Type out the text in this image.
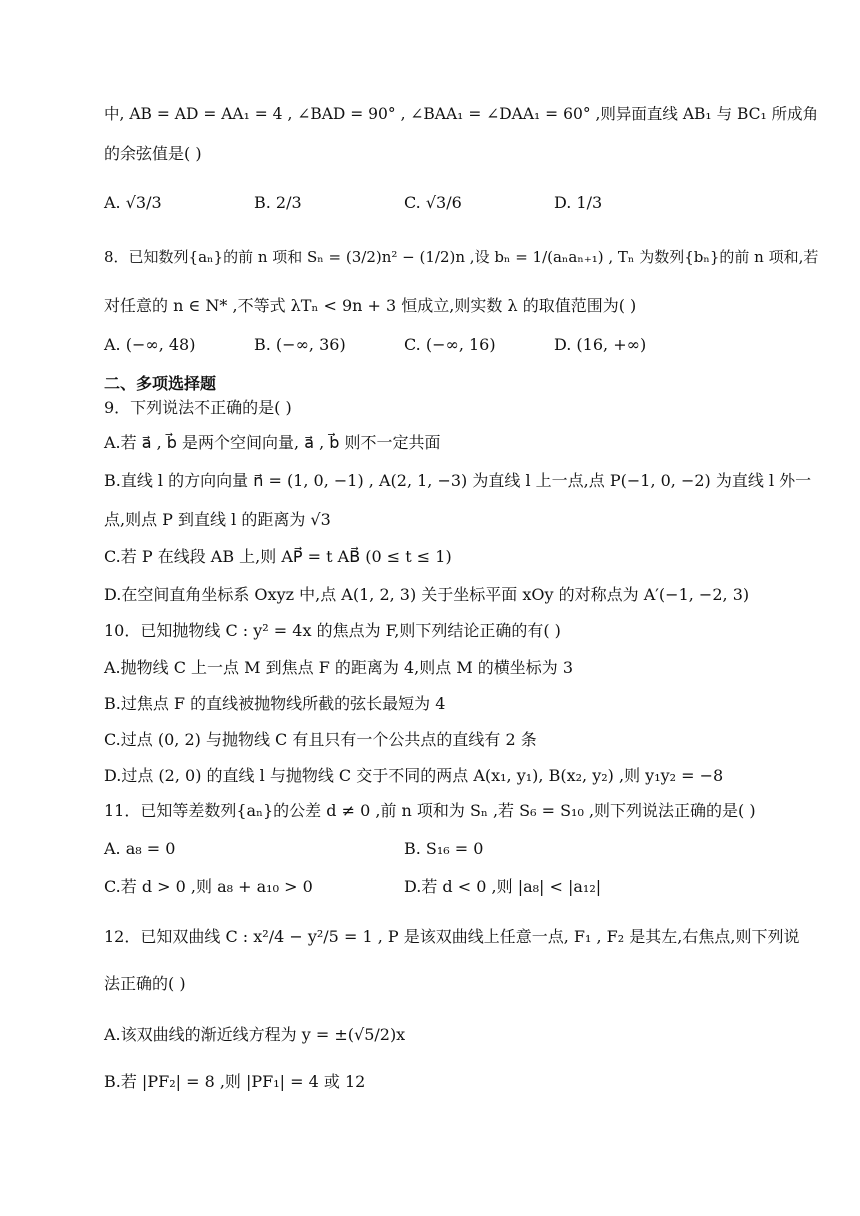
中, AB = AD = AA₁ = 4 , ∠BAD = 90° , ∠BAA₁ = ∠DAA₁ = 60° ,则异面直线 AB₁ 与 BC₁ 所成角
的余弦值是( )
A. √3/3	B. 2/3	C. √3/6	D. 1/3
8．已知数列{aₙ}的前 n 项和 Sₙ = (3/2)n² − (1/2)n ,设 bₙ = 1/(aₙaₙ₊₁) , Tₙ 为数列{bₙ}的前 n 项和,若
对任意的 n ∈ N* ,不等式 λTₙ < 9n + 3 恒成立,则实数 λ 的取值范围为( )
A. (−∞, 48)	B. (−∞, 36)	C. (−∞, 16)	D. (16, +∞)
二、多项选择题
9．下列说法不正确的是( )
A.若 a⃗ , b⃗ 是两个空间向量, a⃗ , b⃗ 则不一定共面
B.直线 l 的方向向量 n⃗ = (1, 0, −1) , A(2, 1, −3) 为直线 l 上一点,点 P(−1, 0, −2) 为直线 l 外一
点,则点 P 到直线 l 的距离为 √3
C.若 P 在线段 AB 上,则 AP⃗ = t AB⃗ (0 ≤ t ≤ 1)
D.在空间直角坐标系 Oxyz 中,点 A(1, 2, 3) 关于坐标平面 xOy 的对称点为 A′(−1, −2, 3)
10．已知抛物线 C : y² = 4x 的焦点为 F,则下列结论正确的有( )
A.抛物线 C 上一点 M 到焦点 F 的距离为 4,则点 M 的横坐标为 3
B.过焦点 F 的直线被抛物线所截的弦长最短为 4
C.过点 (0, 2) 与抛物线 C 有且只有一个公共点的直线有 2 条
D.过点 (2, 0) 的直线 l 与抛物线 C 交于不同的两点 A(x₁, y₁), B(x₂, y₂) ,则 y₁y₂ = −8
11．已知等差数列{aₙ}的公差 d ≠ 0 ,前 n 项和为 Sₙ ,若 S₆ = S₁₀ ,则下列说法正确的是( )
A. a₈ = 0	B. S₁₆ = 0
C.若 d > 0 ,则 a₈ + a₁₀ > 0	D.若 d < 0 ,则 |a₈| < |a₁₂|
12．已知双曲线 C : x²/4 − y²/5 = 1 , P 是该双曲线上任意一点, F₁ , F₂ 是其左,右焦点,则下列说
法正确的( )
A.该双曲线的渐近线方程为 y = ±(√5/2)x
B.若 |PF₂| = 8 ,则 |PF₁| = 4 或 12
